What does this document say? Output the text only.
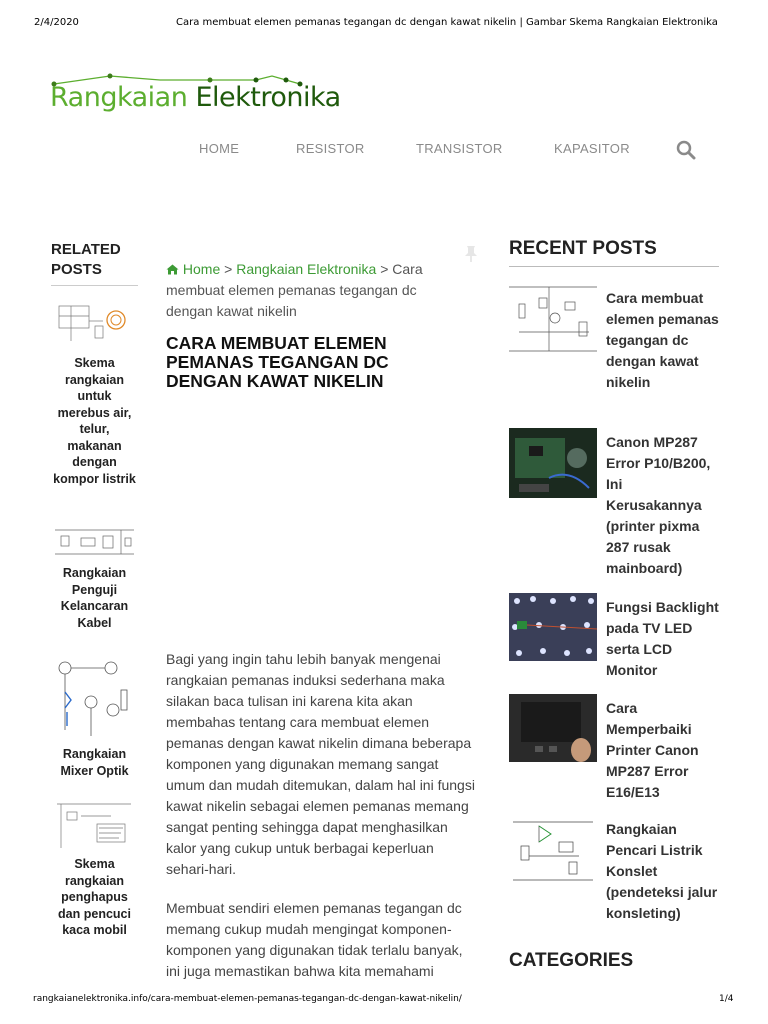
2/4/2020	Cara membuat elemen pemanas tegangan dc dengan kawat nikelin | Gambar Skema Rangkaian Elektronika
Rangkaian Elektronika
HOME	RESISTOR	TRANSISTOR	KAPASITOR
RELATED POSTS
Skema rangkaian untuk merebus air, telur, makanan dengan kompor listrik
Rangkaian Penguji Kelancaran Kabel
Rangkaian Mixer Optik
Skema rangkaian penghapus dan pencuci kaca mobil
Home > Rangkaian Elektronika > Cara membuat elemen pemanas tegangan dc dengan kawat nikelin
CARA MEMBUAT ELEMEN PEMANAS TEGANGAN DC DENGAN KAWAT NIKELIN

Bagi yang ingin tahu lebih banyak mengenai rangkaian pemanas induksi sederhana maka silakan baca tulisan ini karena kita akan membahas tentang cara membuat elemen pemanas dengan kawat nikelin dimana beberapa komponen yang digunakan memang sangat umum dan mudah ditemukan, dalam hal ini fungsi kawat nikelin sebagai elemen pemanas memang sangat penting sehingga dapat menghasilkan kalor yang cukup untuk berbagai keperluan sehari-hari.

Membuat sendiri elemen pemanas tegangan dc memang cukup mudah mengingat komponen-komponen yang digunakan tidak terlalu banyak, ini juga memastikan bahwa kita memahami

RECENT POSTS
Cara membuat elemen pemanas tegangan dc dengan kawat nikelin
Canon MP287 Error P10/B200, Ini Kerusakannya (printer pixma 287 rusak mainboard)
Fungsi Backlight pada TV LED serta LCD Monitor
Cara Memperbaiki Printer Canon MP287 Error E16/E13
Rangkaian Pencari Listrik Konslet (pendeteksi jalur konsleting)
CATEGORIES
rangkaianelektronika.info/cara-membuat-elemen-pemanas-tegangan-dc-dengan-kawat-nikelin/	1/4
